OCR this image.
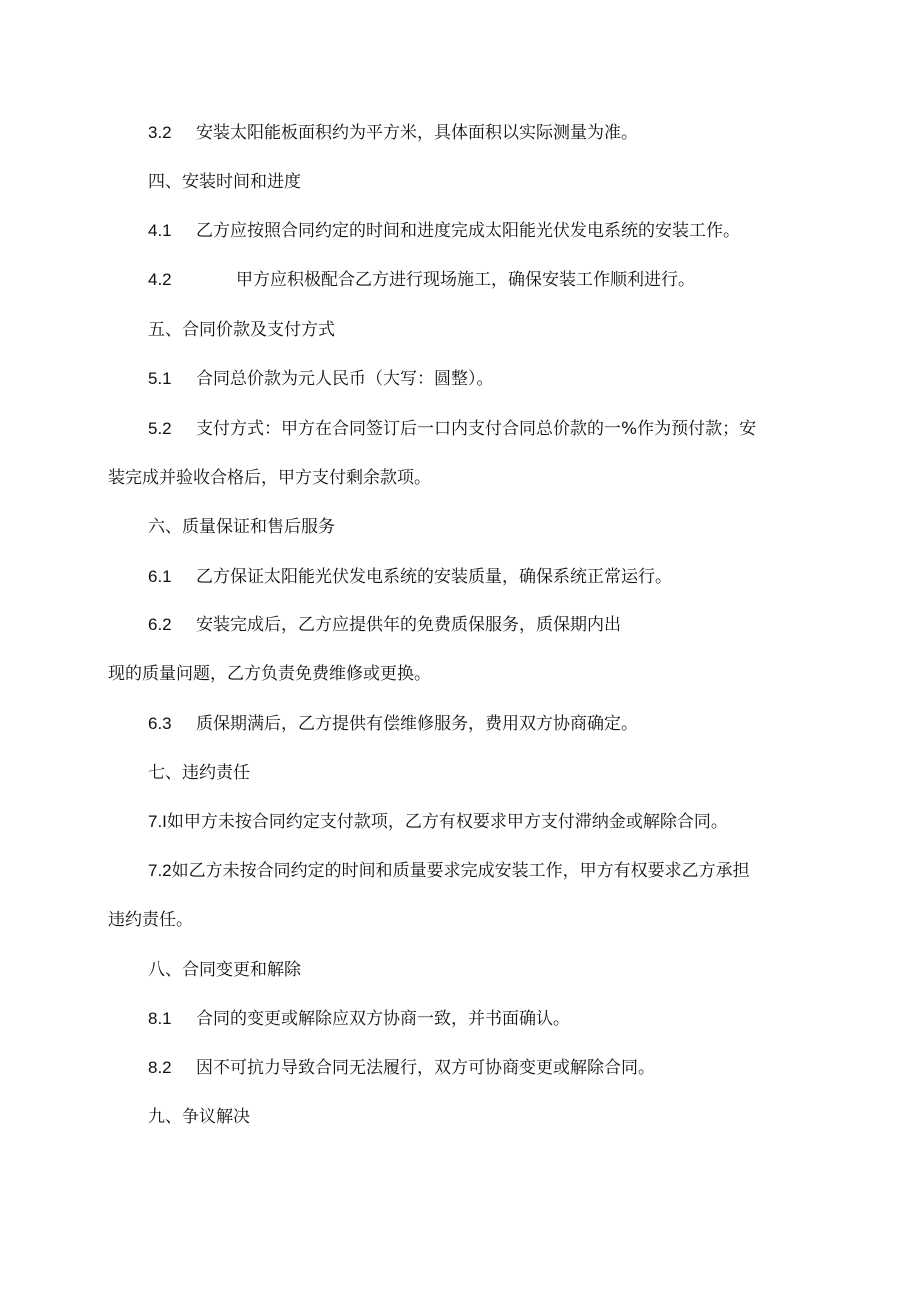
3.2 安装太阳能板面积约为平方米，具体面积以实际测量为准。
四、安装时间和进度
4.1 乙方应按照合同约定的时间和进度完成太阳能光伏发电系统的安装工作。
4.2	甲方应积极配合乙方进行现场施工，确保安装工作顺利进行。
五、合同价款及支付方式
5.1 合同总价款为元人民币（大写：圆整）。
5.2 支付方式：甲方在合同签订后一口内支付合同总价款的一%作为预付款；安
装完成并验收合格后，甲方支付剩余款项。
六、质量保证和售后服务
6.1 乙方保证太阳能光伏发电系统的安装质量，确保系统正常运行。
6.2 安装完成后，乙方应提供年的免费质保服务，质保期内出
现的质量问题，乙方负责免费维修或更换。
6.3 质保期满后，乙方提供有偿维修服务，费用双方协商确定。
七、违约责任
7.I如甲方未按合同约定支付款项，乙方有权要求甲方支付滞纳金或解除合同。
7.2如乙方未按合同约定的时间和质量要求完成安装工作，甲方有权要求乙方承担
违约责任。
八、合同变更和解除
8.1 合同的变更或解除应双方协商一致，并书面确认。
8.2 因不可抗力导致合同无法履行，双方可协商变更或解除合同。
九、争议解决
